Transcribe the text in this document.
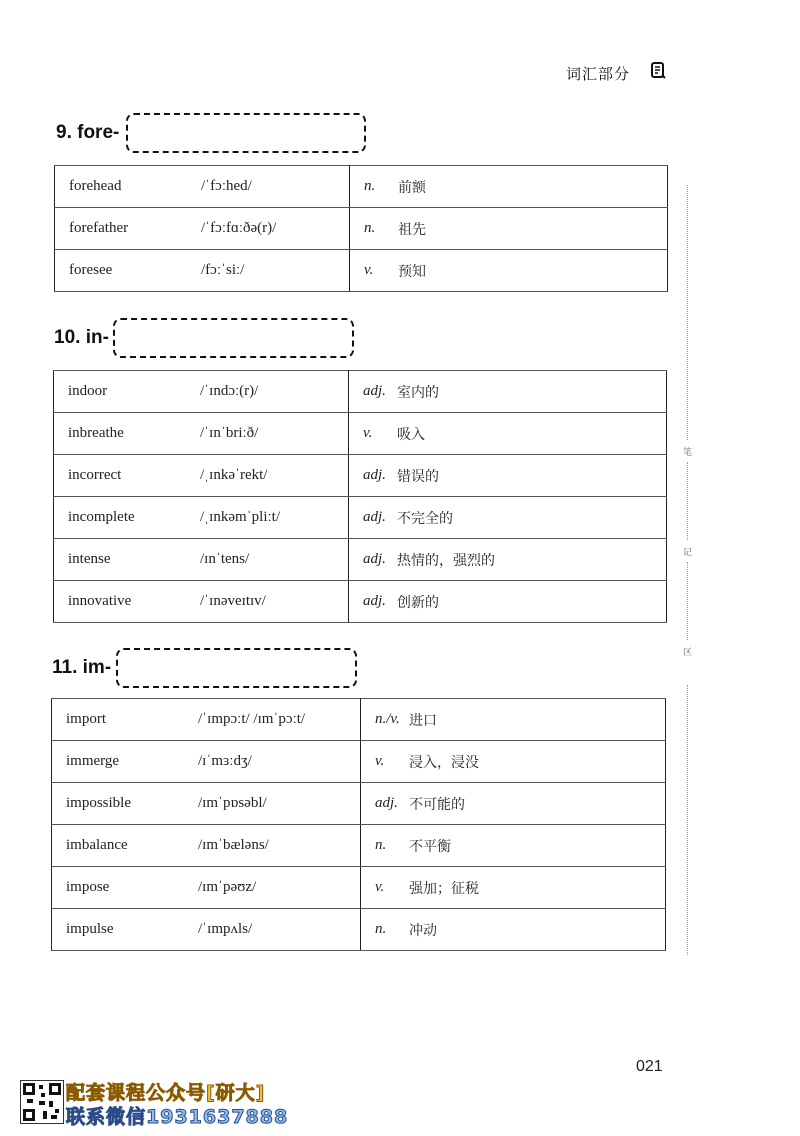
词汇部分
9. fore-
forehead	/ˈfɔːhed/	n.	前额
forefather	/ˈfɔːfɑːðə(r)/	n.	祖先
foresee	/fɔːˈsiː/	v.	预知
10. in-
indoor	/ˈɪndɔː(r)/	adj.	室内的
inbreathe	/ˈɪnˈbriːð/	v.	吸入
incorrect	/ˌɪnkəˈrekt/	adj.	错误的
incomplete	/ˌɪnkəmˈpliːt/	adj.	不完全的
intense	/ɪnˈtens/	adj.	热情的，强烈的
innovative	/ˈɪnəveɪtɪv/	adj.	创新的
11. im-
import	/ˈɪmpɔːt/ /ɪmˈpɔːt/	n./v.	进口
immerge	/ɪˈmɜːdʒ/	v.	浸入，浸没
impossible	/ɪmˈpɒsəbl/	adj.	不可能的
imbalance	/ɪmˈbæləns/	n.	不平衡
impose	/ɪmˈpəʊz/	v.	强加；征税
impulse	/ˈɪmpʌls/	n.	冲动
笔
记
区
021
配套课程公众号[研大]
联系微信1931637888
